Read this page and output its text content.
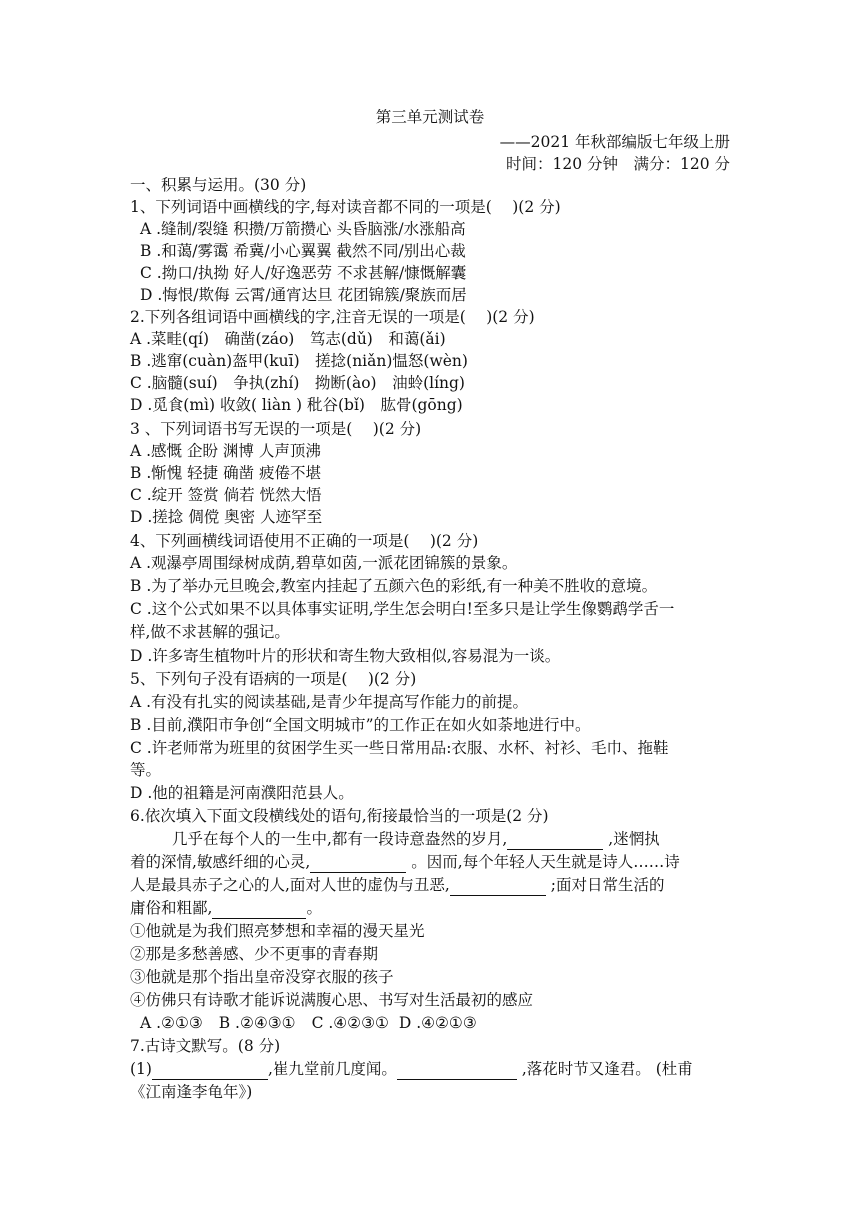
第三单元测试卷
——2021 年秋部编版七年级上册
时间：120 分钟　满分：120 分
一、积累与运用。(30 分)
1、下列词语中画横线的字,每对读音都不同的一项是(　 )(2 分)
A .缝制/裂缝 积攒/万箭攒心 头昏脑涨/水涨船高
B .和蔼/雾霭 希冀/小心翼翼 截然不同/别出心裁
C .拗口/执拗 好人/好逸恶劳 不求甚解/慷慨解囊
D .悔恨/欺侮 云霄/通宵达旦 花团锦簇/聚族而居
2.下列各组词语中画横线的字,注音无误的一项是(　 )(2 分)
A .菜畦(qí)　确凿(záo)　笃志(dǔ)　和蔼(ǎi)
B .逃窜(cuàn)盔甲(kuī)　搓捻(niǎn)愠怒(wèn)
C .脑髓(suí)　争执(zhí)　拗断(ào)　油蛉(líng)
D .觅食(mì) 收敛( liàn ) 秕谷(bǐ)　肱骨(gōng)
3 、下列词语书写无误的一项是(　 )(2 分)
A .感慨 企盼 渊博 人声顶沸
B .惭愧 轻捷 确凿 疲倦不堪
C .绽开 签赏 倘若 恍然大悟
D .搓捻 倜傥 奥密 人迹罕至
4、下列画横线词语使用不正确的一项是(　 )(2 分)
A .观瀑亭周围绿树成荫,碧草如茵,一派花团锦簇的景象。
B .为了举办元旦晚会,教室内挂起了五颜六色的彩纸,有一种美不胜收的意境。
C .这个公式如果不以具体事实证明,学生怎会明白!至多只是让学生像鹦鹉学舌一
样,做不求甚解的强记。
D .许多寄生植物叶片的形状和寄生物大致相似,容易混为一谈。
5、下列句子没有语病的一项是(　 )(2 分)
A .有没有扎实的阅读基础,是青少年提高写作能力的前提。
B .目前,濮阳市争创“全国文明城市”的工作正在如火如荼地进行中。
C .许老师常为班里的贫困学生买一些日常用品:衣服、水杯、衬衫、毛巾、拖鞋
等。
D .他的祖籍是河南濮阳范县人。
6.依次填入下面文段横线处的语句,衔接最恰当的一项是(2 分)
几乎在每个人的一生中,都有一段诗意盎然的岁月,	,迷惘执
着的深情,敏感纤细的心灵,	。因而,每个年轻人天生就是诗人……诗
人是最具赤子之心的人,面对人世的虚伪与丑恶,	;面对日常生活的
庸俗和粗鄙,	。
①他就是为我们照亮梦想和幸福的漫天星光
②那是多愁善感、少不更事的青春期
③他就是那个指出皇帝没穿衣服的孩子
④仿佛只有诗歌才能诉说满腹心思、书写对生活最初的感应
A .②①③ B .②④③① C .④②③① D .④②①③
7.古诗文默写。(8 分)
(1)	,崔九堂前几度闻。	,落花时节又逢君。 (杜甫
《江南逢李龟年》)
